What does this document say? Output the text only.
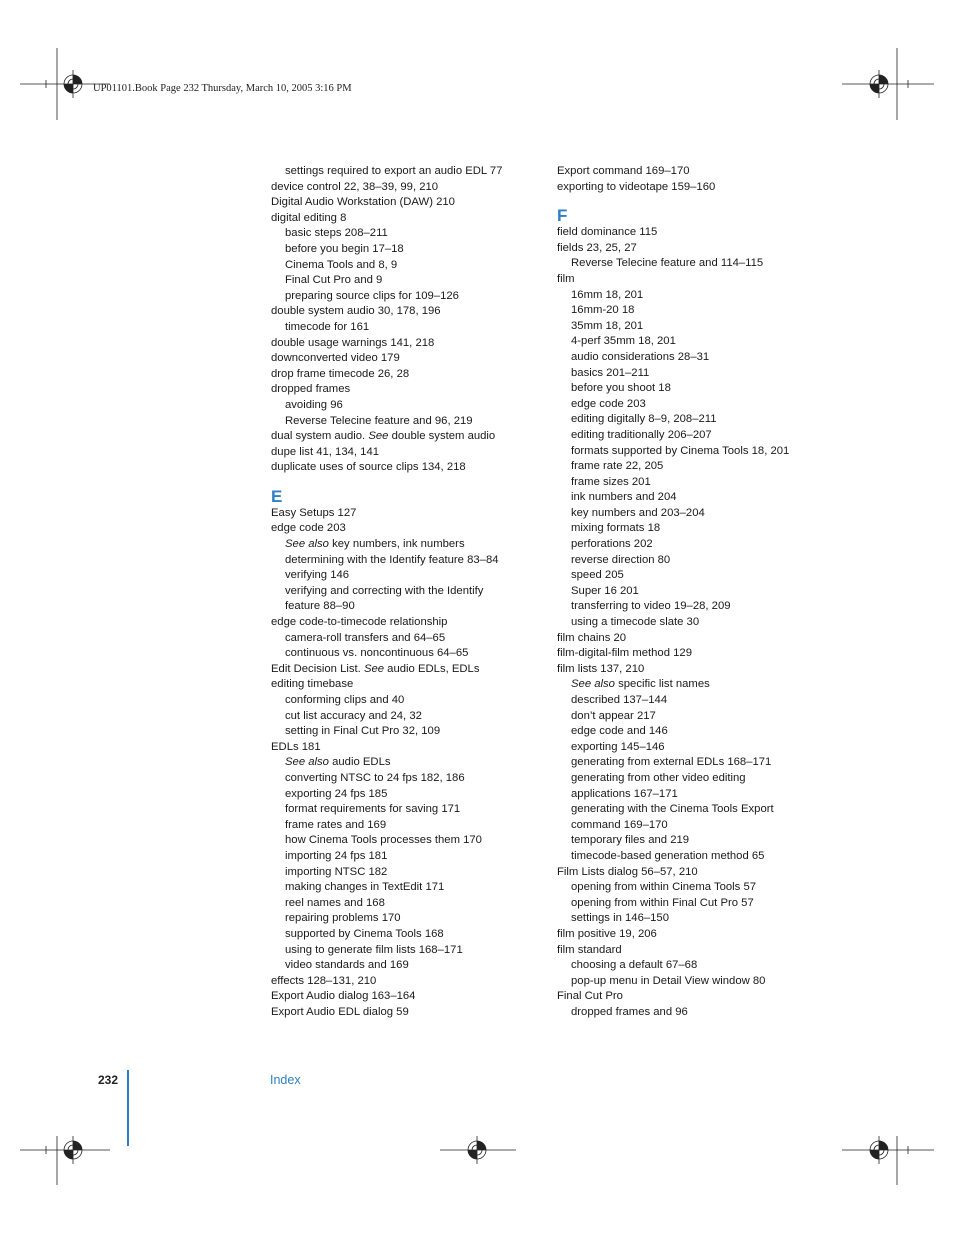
UP01101.Book Page 232 Thursday, March 10, 2005 3:16 PM
settings required to export an audio EDL 77
device control 22, 38–39, 99, 210
Digital Audio Workstation (DAW) 210
digital editing 8
basic steps 208–211
before you begin 17–18
Cinema Tools and 8, 9
Final Cut Pro and 9
preparing source clips for 109–126
double system audio 30, 178, 196
timecode for 161
double usage warnings 141, 218
downconverted video 179
drop frame timecode 26, 28
dropped frames
avoiding 96
Reverse Telecine feature and 96, 219
dual system audio. See double system audio
dupe list 41, 134, 141
duplicate uses of source clips 134, 218
E
Easy Setups 127
edge code 203
See also key numbers, ink numbers
determining with the Identify feature 83–84
verifying 146
verifying and correcting with the Identify
feature 88–90
edge code-to-timecode relationship
camera-roll transfers and 64–65
continuous vs. noncontinuous 64–65
Edit Decision List. See audio EDLs, EDLs
editing timebase
conforming clips and 40
cut list accuracy and 24, 32
setting in Final Cut Pro 32, 109
EDLs 181
See also audio EDLs
converting NTSC to 24 fps 182, 186
exporting 24 fps 185
format requirements for saving 171
frame rates and 169
how Cinema Tools processes them 170
importing 24 fps 181
importing NTSC 182
making changes in TextEdit 171
reel names and 168
repairing problems 170
supported by Cinema Tools 168
using to generate film lists 168–171
video standards and 169
effects 128–131, 210
Export Audio dialog 163–164
Export Audio EDL dialog 59
Export command 169–170
exporting to videotape 159–160
F
field dominance 115
fields 23, 25, 27
Reverse Telecine feature and 114–115
film
16mm 18, 201
16mm-20 18
35mm 18, 201
4-perf 35mm 18, 201
audio considerations 28–31
basics 201–211
before you shoot 18
edge code 203
editing digitally 8–9, 208–211
editing traditionally 206–207
formats supported by Cinema Tools 18, 201
frame rate 22, 205
frame sizes 201
ink numbers and 204
key numbers and 203–204
mixing formats 18
perforations 202
reverse direction 80
speed 205
Super 16 201
transferring to video 19–28, 209
using a timecode slate 30
film chains 20
film-digital-film method 129
film lists 137, 210
See also specific list names
described 137–144
don’t appear 217
edge code and 146
exporting 145–146
generating from external EDLs 168–171
generating from other video editing
applications 167–171
generating with the Cinema Tools Export
command 169–170
temporary files and 219
timecode-based generation method 65
Film Lists dialog 56–57, 210
opening from within Cinema Tools 57
opening from within Final Cut Pro 57
settings in 146–150
film positive 19, 206
film standard
choosing a default 67–68
pop-up menu in Detail View window 80
Final Cut Pro
dropped frames and 96
232	Index
